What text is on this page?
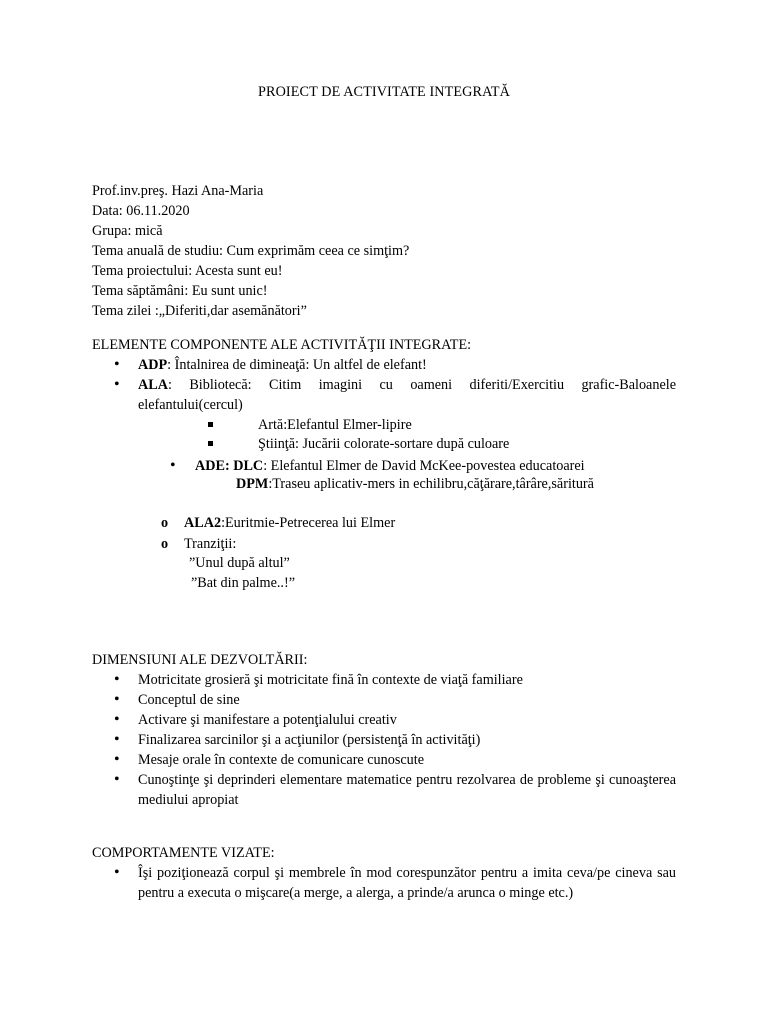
PROIECT DE ACTIVITATE INTEGRATĂ
Prof.inv.preş. Hazi Ana-Maria
Data: 06.11.2020
Grupa: mică
Tema anuală de studiu: Cum exprimăm ceea ce simţim?
Tema proiectului: Acesta sunt eu!
Tema săptămâni: Eu sunt unic!
Tema zilei :„Diferiti,dar asemănători”
ELEMENTE COMPONENTE ALE ACTIVITĂŢII INTEGRATE:
• ADP: Întalnirea de dimineaţă: Un altfel de elefant!
• ALA: Bibliotecă: Citim imagini cu oameni diferiti/Exercitiu grafic-Baloanele elefantului(cercul)
Artă:Elefantul Elmer-lipire
Ştiinţă: Jucării colorate-sortare după culoare
• ADE: DLC: Elefantul Elmer de David McKee-povestea educatoarei
DPM:Traseu aplicativ-mers in echilibru,căţărare,târâre,săritură
o ALA2:Euritmie-Petrecerea lui Elmer
o Tranziţii:
”Unul după altul”
”Bat din palme..!”
DIMENSIUNI ALE DEZVOLTĂRII:
• Motricitate grosieră şi motricitate fină în contexte de viaţă familiare
• Conceptul de sine
• Activare şi manifestare a potenţialului creativ
• Finalizarea sarcinilor şi a acţiunilor (persistenţă în activităţi)
• Mesaje orale în contexte de comunicare cunoscute
• Cunoştinţe şi deprinderi elementare matematice pentru rezolvarea de probleme şi cunoaşterea mediului apropiat
COMPORTAMENTE VIZATE:
• Îşi poziţionează corpul şi membrele în mod corespunzător pentru a imita ceva/pe cineva sau pentru a executa o mişcare(a merge, a alerga, a prinde/a arunca o minge etc.)
